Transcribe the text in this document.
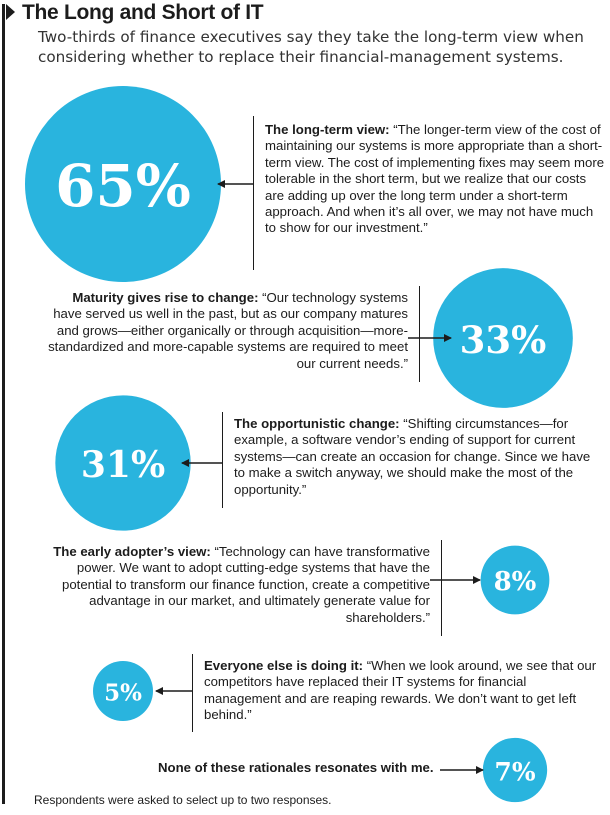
The Long and Short of IT

Two-thirds of finance executives say they take the long-term view when considering whether to replace their financial-management systems.

65%
33%
31%
8%
5%
7%
The long-term view: “The longer-term view of the cost of maintaining our systems is more appropriate than a short-term view. The cost of implementing fixes may seem more tolerable in the short term, but we realize that our costs are adding up over the long term under a short-term approach. And when it’s all over, we may not have much to show for our investment.”
Maturity gives rise to change: “Our technology systems have served us well in the past, but as our company matures and grows—either organically or through acquisition—more-standardized and more-capable systems are required to meet our current needs.”
The opportunistic change: “Shifting circumstances—for example, a software vendor’s ending of support for current systems—can create an occasion for change. Since we have to make a switch anyway, we should make the most of the opportunity.”
The early adopter’s view: “Technology can have transformative power. We want to adopt cutting-edge systems that have the potential to transform our finance function, create a competitive advantage in our market, and ultimately generate value for shareholders.”
Everyone else is doing it: “When we look around, we see that our competitors have replaced their IT systems for financial management and are reaping rewards. We don’t want to get left behind.”
None of these rationales resonates with me.
Respondents were asked to select up to two responses.
